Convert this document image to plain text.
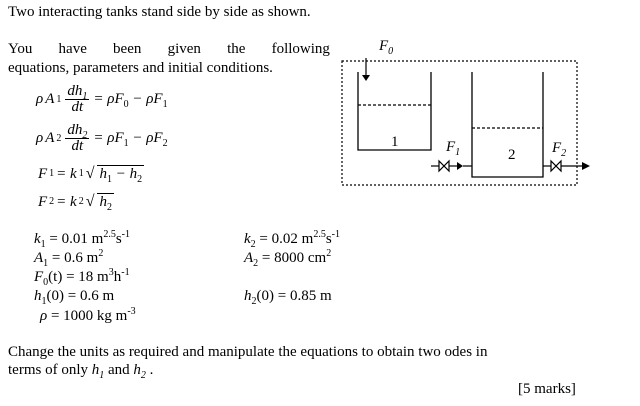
Two interacting tanks stand side by side as shown.
You have been given the following
equations, parameters and initial conditions.
ρ A $1 \frac{dh_1}{dt} = \rho F_0 - \rho F_1$
ρ A $2 \frac{dh_2}{dt} = \rho F_1 - \rho F_2$
F 1 = k 1 √ $h_1 - h_2$
F 2 = k 2 √ $h_2$
$k_1 = 0.01$ $m^{2.5}s^{-1}$	$k_2 = 0.02$ $m^{2.5}s^{-1}$
$A_1 = 0.6$ $m^2$	$A_2 = 8000$ $cm^2$
$F_0(t) = 18$ $m^3h^{-1}$
$h_1(0) = 0.6$ m	$h_2(0) = 0.85$ m
ρ = 1000 kg $m^{-3}$
Change the units as required and manipulate the equations to obtain two odes in
terms of only $h_1$ and $h_2$ .
[5 marks]
$F_0$
1
2
$F_1$	$F_2$
